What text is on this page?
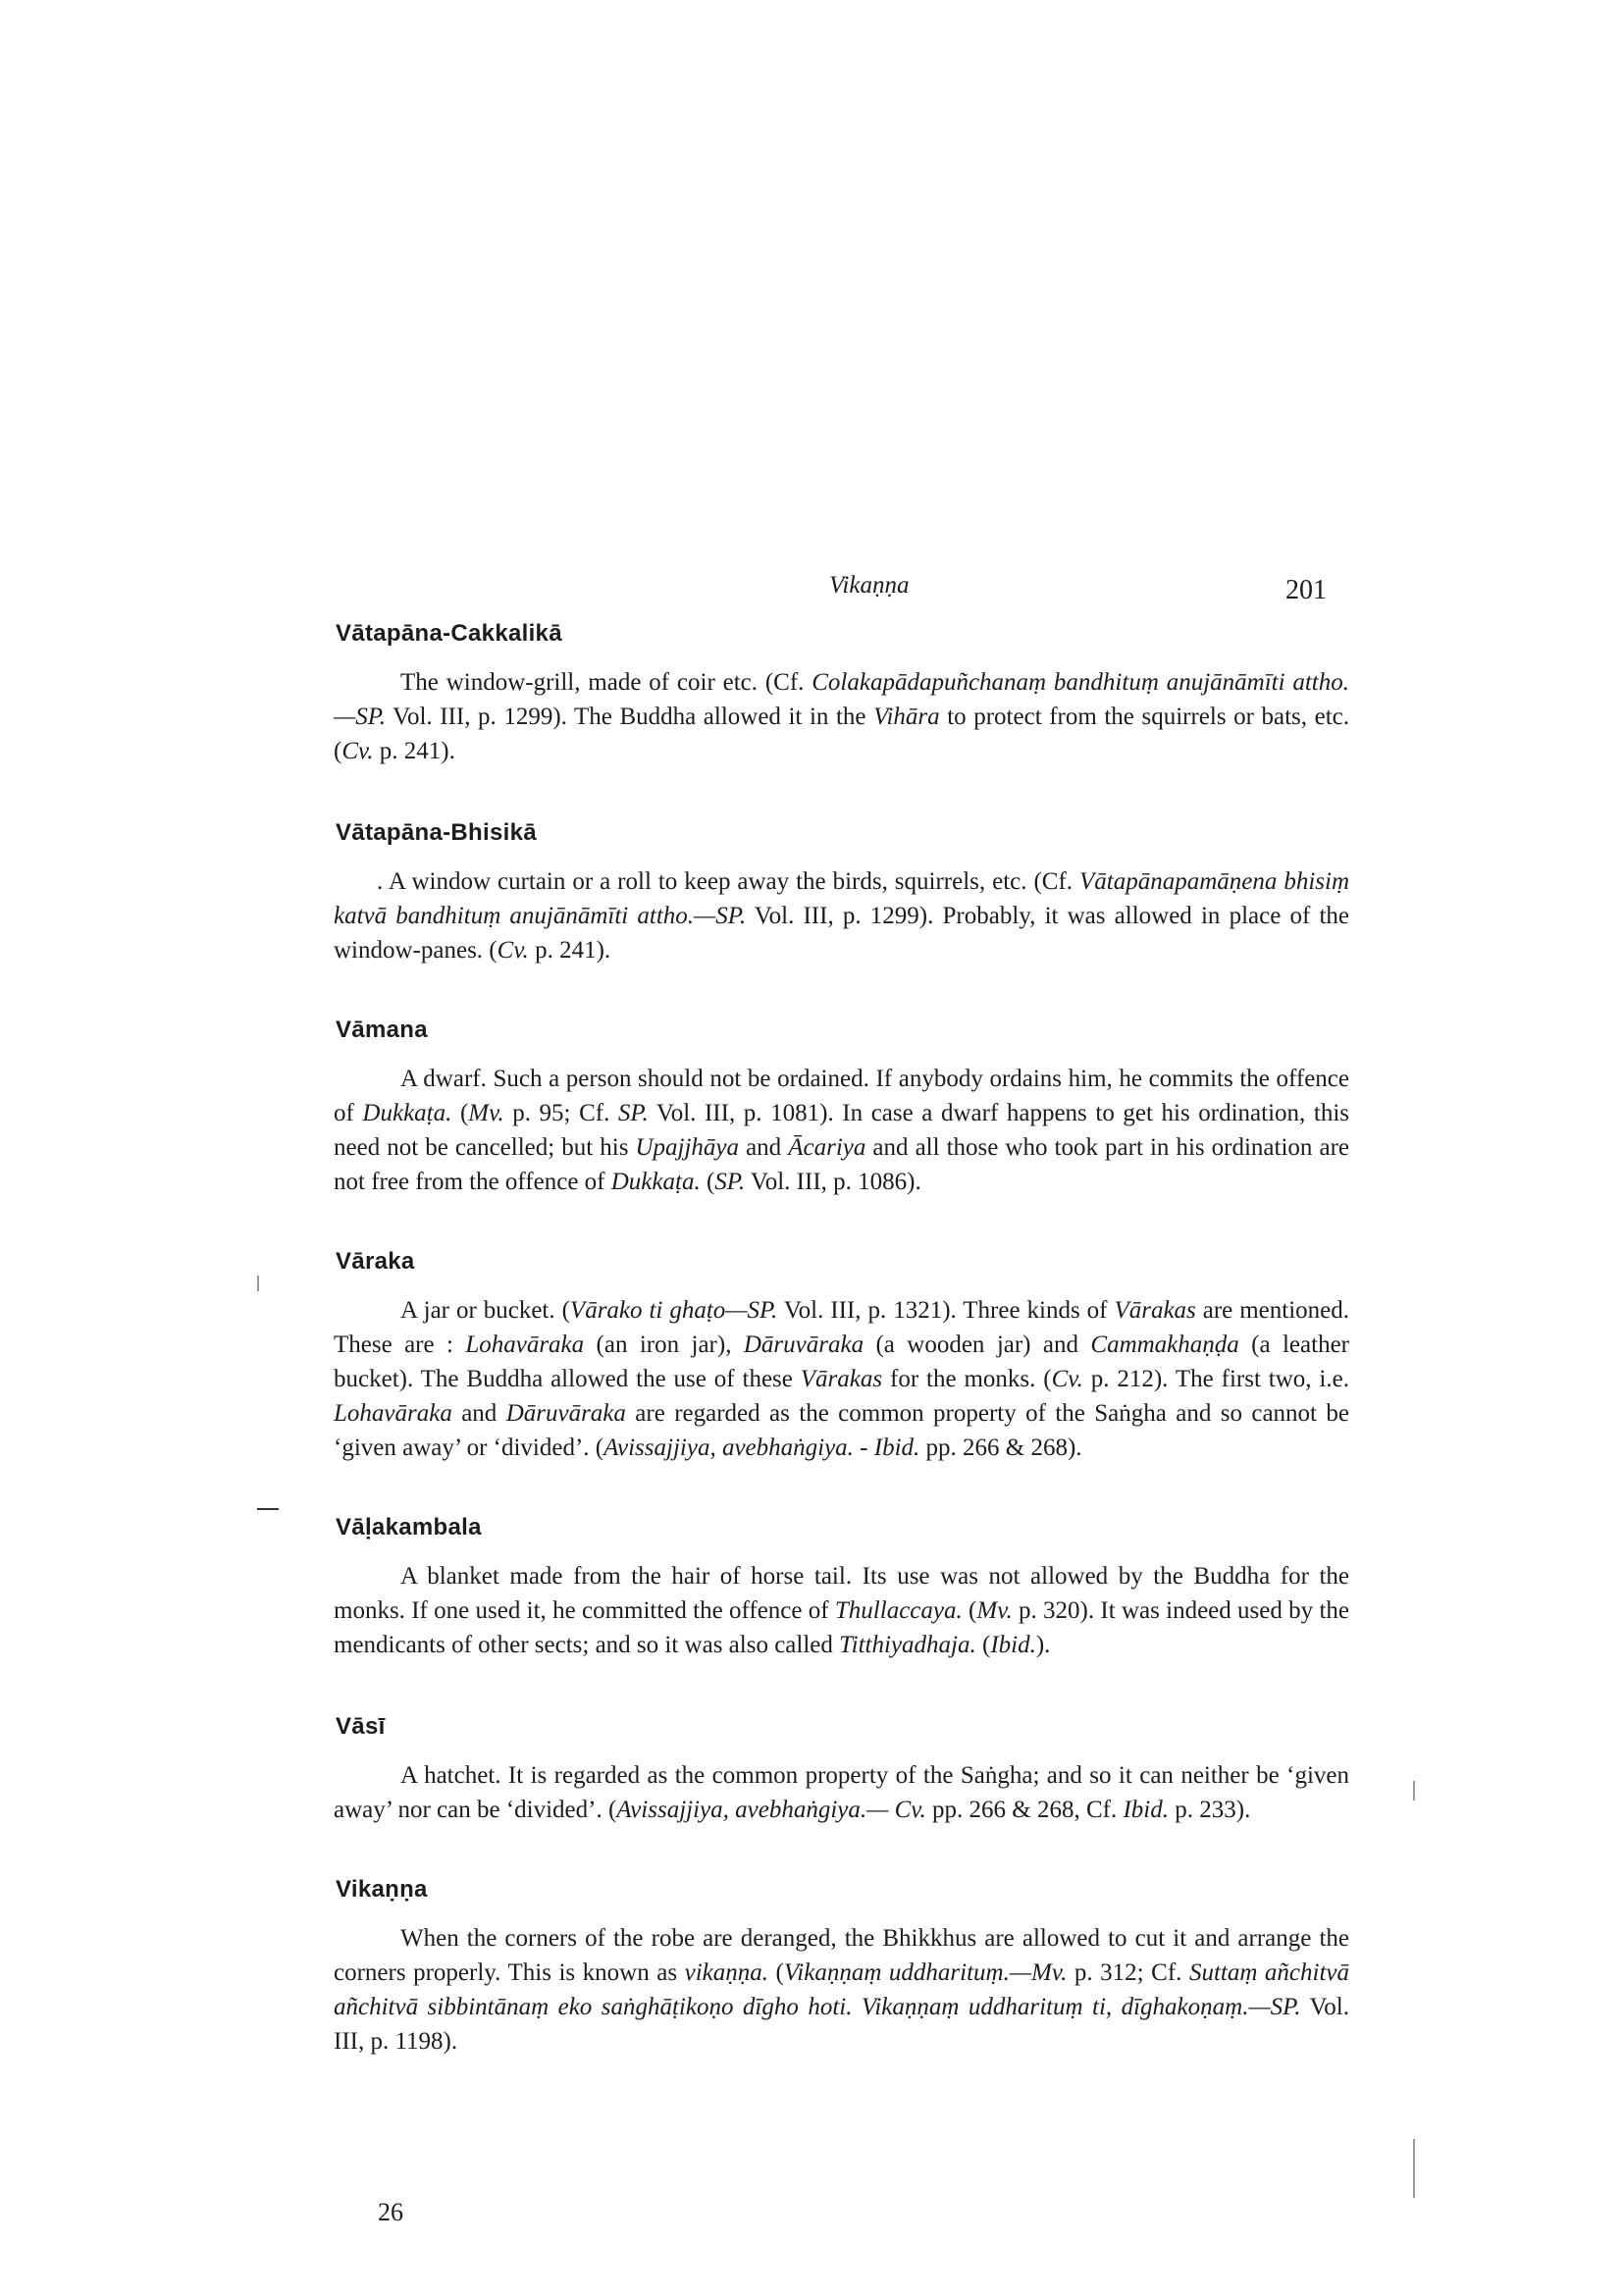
Vikaṇṇa	201
Vātapāna-Cakkalikā

The window-grill, made of coir etc. (Cf. Colakapādapuñchanaṃ bandhituṃ anujānāmīti attho.—SP. Vol. III, p. 1299). The Buddha allowed it in the Vihāra to protect from the squirrels or bats, etc. (Cv. p. 241).

Vātapāna-Bhisikā

. A window curtain or a roll to keep away the birds, squirrels, etc. (Cf. Vātapānapamāṇena bhisiṃ katvā bandhituṃ anujānāmīti attho.—SP. Vol. III, p. 1299). Probably, it was allowed in place of the window-panes. (Cv. p. 241).

Vāmana

A dwarf. Such a person should not be ordained. If anybody ordains him, he commits the offence of Dukkaṭa. (Mv. p. 95; Cf. SP. Vol. III, p. 1081). In case a dwarf happens to get his ordination, this need not be cancelled; but his Upajjhāya and Ācariya and all those who took part in his ordination are not free from the offence of Dukkaṭa. (SP. Vol. III, p. 1086).

Vāraka

A jar or bucket. (Vārako ti ghaṭo—SP. Vol. III, p. 1321). Three kinds of Vārakas are mentioned. These are : Lohavāraka (an iron jar), Dāruvāraka (a wooden jar) and Cammakhaṇḍa (a leather bucket). The Buddha allowed the use of these Vārakas for the monks. (Cv. p. 212). The first two, i.e. Lohavāraka and Dāruvāraka are regarded as the common property of the Saṅgha and so cannot be ‘given away’ or ‘divided’. (Avissajjiya, avebhaṅgiya. - Ibid. pp. 266 & 268).

Vāḷakambala

A blanket made from the hair of horse tail. Its use was not allowed by the Buddha for the monks. If one used it, he committed the offence of Thullaccaya. (Mv. p. 320). It was indeed used by the mendicants of other sects; and so it was also called Titthiyadhaja. (Ibid.).

Vāsī

A hatchet. It is regarded as the common property of the Saṅgha; and so it can neither be ‘given away’ nor can be ‘divided’. (Avissajjiya, avebhaṅgiya.— Cv. pp. 266 & 268, Cf. Ibid. p. 233).

Vikaṇṇa

When the corners of the robe are deranged, the Bhikkhus are allowed to cut it and arrange the corners properly. This is known as vikaṇṇa. (Vikaṇṇaṃ uddharituṃ.—Mv. p. 312; Cf. Suttaṃ añchitvā añchitvā sibbintānaṃ eko saṅghāṭikoṇo dīgho hoti. Vikaṇṇaṃ uddharituṃ ti, dīghakoṇaṃ.—SP. Vol. III, p. 1198).

26
